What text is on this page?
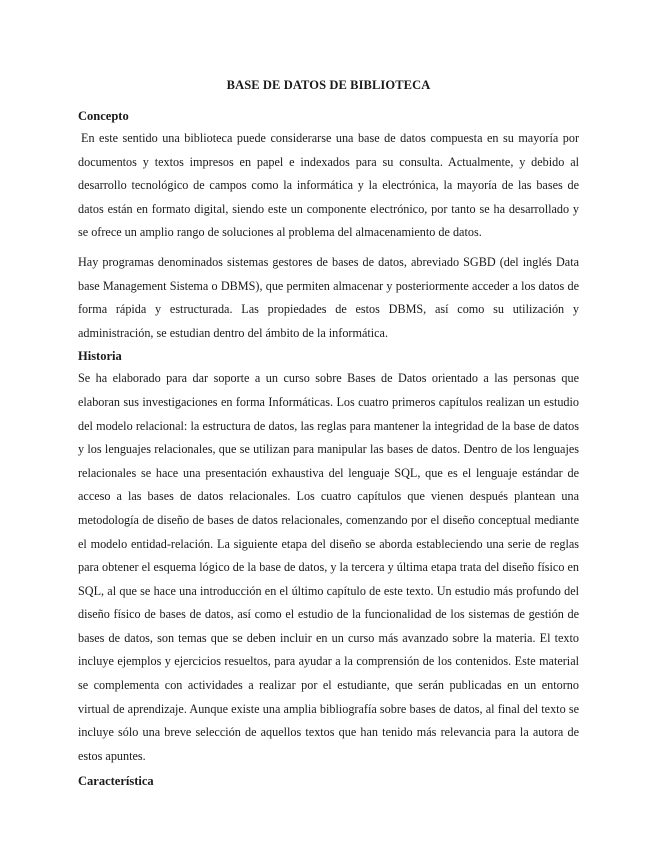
BASE DE DATOS DE BIBLIOTECA
Concepto

En este sentido una biblioteca puede considerarse una base de datos compuesta en su mayoría por documentos y textos impresos en papel e indexados para su consulta. Actualmente, y debido al desarrollo tecnológico de campos como la informática y la electrónica, la mayoría de las bases de datos están en formato digital, siendo este un componente electrónico, por tanto se ha desarrollado y se ofrece un amplio rango de soluciones al problema del almacenamiento de datos.

Hay programas denominados sistemas gestores de bases de datos, abreviado SGBD (del inglés Data base Management Sistema o DBMS), que permiten almacenar y posteriormente acceder a los datos de forma rápida y estructurada. Las propiedades de estos DBMS, así como su utilización y administración, se estudian dentro del ámbito de la informática.

Historia

Se ha elaborado para dar soporte a un curso sobre Bases de Datos orientado a las personas que elaboran sus investigaciones en forma Informáticas. Los cuatro primeros capítulos realizan un estudio del modelo relacional: la estructura de datos, las reglas para mantener la integridad de la base de datos y los lenguajes relacionales, que se utilizan para manipular las bases de datos. Dentro de los lenguajes relacionales se hace una presentación exhaustiva del lenguaje SQL, que es el lenguaje estándar de acceso a las bases de datos relacionales. Los cuatro capítulos que vienen después plantean una metodología de diseño de bases de datos relacionales, comenzando por el diseño conceptual mediante el modelo entidad-relación. La siguiente etapa del diseño se aborda estableciendo una serie de reglas para obtener el esquema lógico de la base de datos, y la tercera y última etapa trata del diseño físico en SQL, al que se hace una introducción en el último capítulo de este texto. Un estudio más profundo del diseño físico de bases de datos, así como el estudio de la funcionalidad de los sistemas de gestión de bases de datos, son temas que se deben incluir en un curso más avanzado sobre la materia. El texto incluye ejemplos y ejercicios resueltos, para ayudar a la comprensión de los contenidos. Este material se complementa con actividades a realizar por el estudiante, que serán publicadas en un entorno virtual de aprendizaje. Aunque existe una amplia bibliografía sobre bases de datos, al final del texto se incluye sólo una breve selección de aquellos textos que han tenido más relevancia para la autora de estos apuntes.

Característica
